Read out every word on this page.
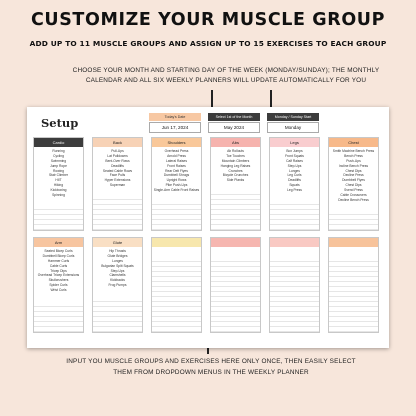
CUSTOMIZE YOUR MUSCLE GROUP
ADD UP TO 11 MUSCLE GROUPS AND ASSIGN UP TO 15 EXERCISES TO EACH GROUP
CHOOSE YOUR MONTH AND STARTING DAY OF THE WEEK (MONDAY/SUNDAY); THE MONTHLY CALENDAR AND ALL SIX WEEKLY PLANNERS WILL UPDATE AUTOMATICALLY FOR YOU
Setup	Today's Date
Jun 17, 2024
Select 1st of the Month
May 2024
Monday / Sunday Start
Monday
Cardio
Running
Cycling
Swimming
Jump Rope
Rowing
Stair Climber
HIIT
Hiking
Kickboxing
Spinning
Back
Pull-Ups
Lat Pulldowns
Bent-Over Rows
Deadlifts
Seated Cable Rows
Face Pulls
Hyper Extensions
Superman
Shoulders
Overhead Press
Arnold Press
Lateral Raises
Front Raises
Rear Delt Flyes
Dumbbell Shrugs
Upright Rows
Pike Push-Ups
Single-Arm Cable Front Raises
Abs
Ab Rollouts
Toe Touches
Mountain Climbers
Hanging Leg Raises
Crunches
Bicycle Crunches
Side Planks
Legs
Box Jumps
Front Squats
Calf Raises
Step-Ups
Lunges
Leg Curls
Deadlifts
Squats
Leg Press
Chest
Smith Machine Bench Press
Bench Press
Push-Ups
Incline Bench Press
Chest Dips
Decline Press
Dumbbell Flyes
Chest Dips
Svend Press
Cable Crossovers
Decline Bench Press
Arm
Seated Bicep Curls
Dumbbell Bicep Curls
Hammer Curls
Cable Curls
Tricep Dips
Overhead Tricep Extensions
Skullcrushers
Spider Curls
Wrist Curls
Glute
Hip Thrusts
Glute Bridges
Lunges
Bulgarian Split Squats
Step-Ups
Clamshells
Kickbacks
Frog Pumps
INPUT YOU MUSCLE GROUPS AND EXERCISES HERE ONLY ONCE, THEN EASILY SELECT THEM FROM DROPDOWN MENUS IN THE WEEKLY PLANNER
